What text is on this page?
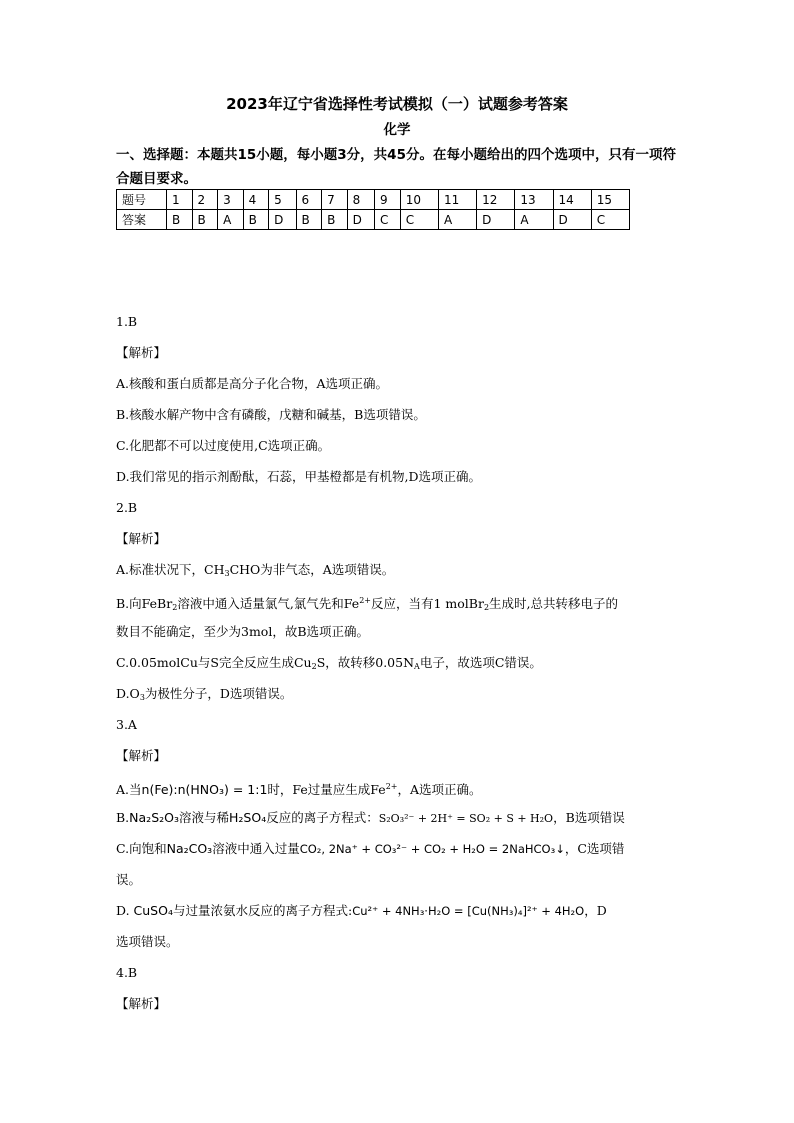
2023年辽宁省选择性考试模拟（一）试题参考答案
化学
一、选择题：本题共15小题，每小题3分，共45分。在每小题给出的四个选项中，只有一项符合题目要求。
题号	1	2	3	4	5	6	7	8	9	10	11	12	13	14	15
答案	B	B	A	B	D	B	B	D	C	C	A	D	A	D	C
1.B
【解析】
A.核酸和蛋白质都是高分子化合物，A选项正确。
B.核酸水解产物中含有磷酸，戊糖和碱基，B选项错误。
C.化肥都不可以过度使用,C选项正确。
D.我们常见的指示剂酚酞，石蕊，甲基橙都是有机物,D选项正确。
2.B
【解析】
A.标准状况下，$CH_3CHO$为非气态，A选项错误。
B.向FeBr$_2$溶液中通入适量氯气,氯气先和$Fe^{2+}$反应，当有1 molBr$_2$生成时,总共转移电子的
数目不能确定，至少为3mol，故B选项正确。
C.0.05molCu与S完全反应生成$Cu_2S$，故转移$0.05N_A$电子，故选项C错误。
$D.O_3$为极性分子，D选项错误。
3.A
【解析】
A.当n(Fe):n(HNO₃) = 1:1时，Fe过量应生成$Fe^{2+}$，A选项正确。
B.Na₂S₂O₃溶液与稀H₂SO₄反应的离子方程式：S₂O₃²⁻ + 2H⁺ = SO₂ + S + H₂O，B选项错误
C.向饱和Na₂CO₃溶液中通入过量CO₂, 2Na⁺ + CO₃²⁻ + CO₂ + H₂O = 2NaHCO₃↓，C选项错
误。
D. CuSO₄与过量浓氨水反应的离子方程式:Cu²⁺ + 4NH₃·H₂O = [Cu(NH₃)₄]²⁺ + 4H₂O，D
选项错误。
4.B
【解析】
